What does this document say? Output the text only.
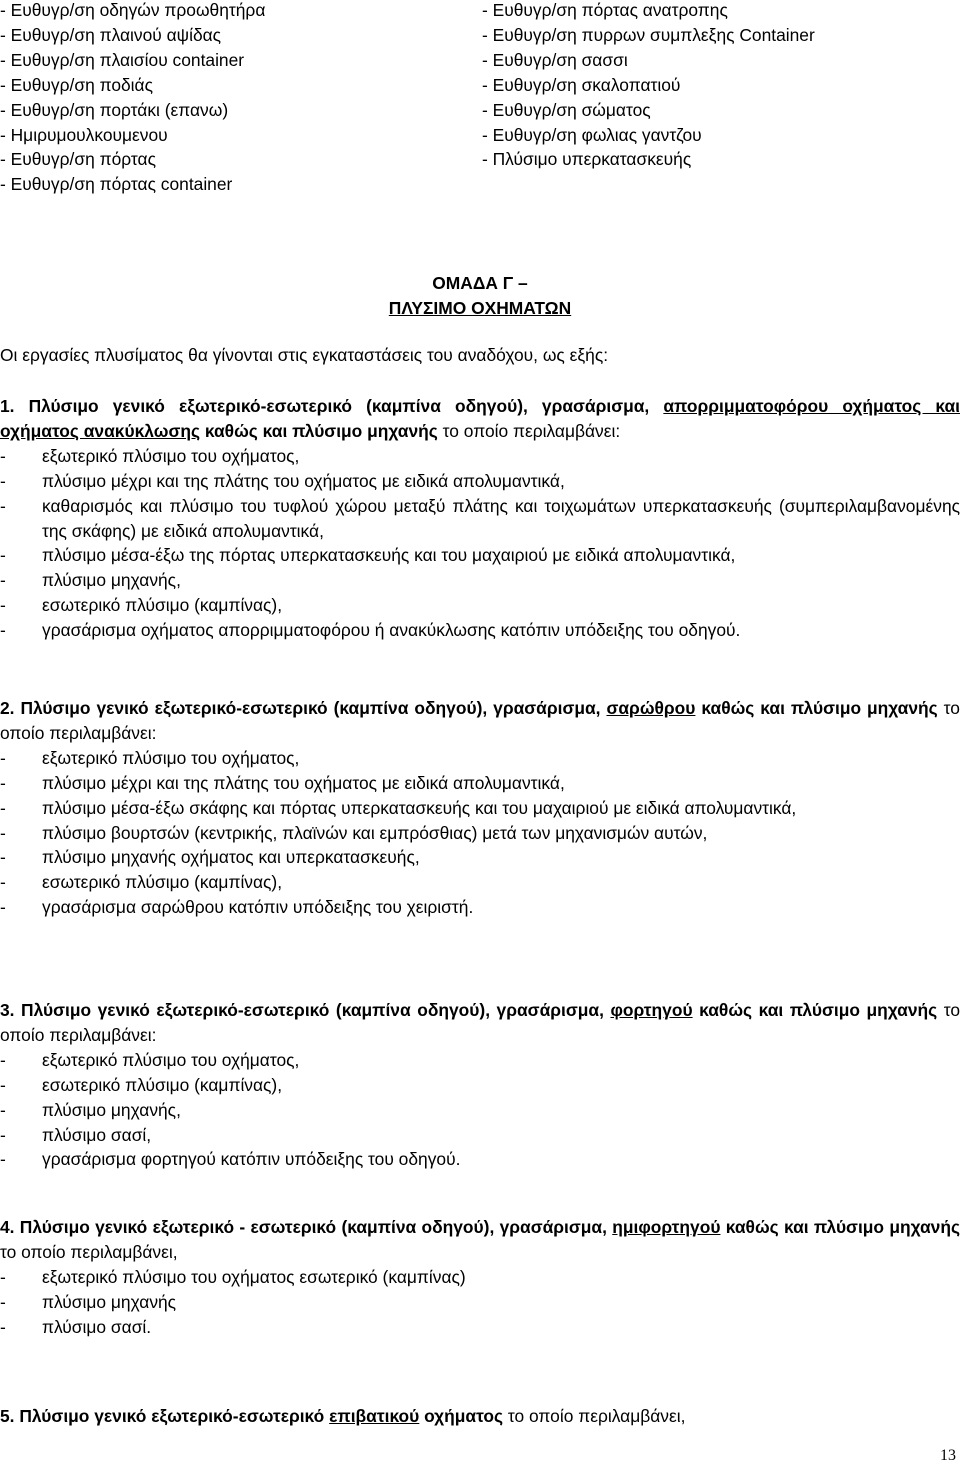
- Ευθυγρ/ση οδηγών προωθητήρα
- Ευθυγρ/ση πλαινού αψίδας
- Ευθυγρ/ση πλαισίου container
- Ευθυγρ/ση ποδιάς
- Ευθυγρ/ση πορτάκι (επανω)
- Ημιρυμουλκουμενου
- Ευθυγρ/ση πόρτας
- Ευθυγρ/ση πόρτας container
- Ευθυγρ/ση πόρτας ανατροπης
- Ευθυγρ/ση πυρρων συμπλεξης Container
- Ευθυγρ/ση σασσι
- Ευθυγρ/ση σκαλοπατιού
- Ευθυγρ/ση σώματος
- Ευθυγρ/ση φωλιας γαντζου
- Πλύσιμο υπερκατασκευής
ΟΜΑΔΑ Γ –
ΠΛΥΣΙΜΟ ΟΧΗΜΑΤΩΝ
Οι εργασίες πλυσίματος θα γίνονται στις εγκαταστάσεις του αναδόχου, ως εξής:
1. Πλύσιμο γενικό εξωτερικό-εσωτερικό (καμπίνα οδηγού), γρασάρισμα, απορριμματοφόρου οχήματος και οχήματος ανακύκλωσης καθώς και πλύσιμο μηχανής το οποίο περιλαμβάνει:
- εξωτερικό πλύσιμο του οχήματος,
- πλύσιμο μέχρι και της πλάτης του οχήματος με ειδικά απολυμαντικά,
- καθαρισμός και πλύσιμο του τυφλού χώρου μεταξύ πλάτης και τοιχωμάτων υπερκατασκευής (συμπεριλαμβανομένης της σκάφης) με ειδικά απολυμαντικά,
- πλύσιμο μέσα-έξω της πόρτας υπερκατασκευής και του μαχαιριού με ειδικά απολυμαντικά,
- πλύσιμο μηχανής,
- εσωτερικό πλύσιμο (καμπίνας),
- γρασάρισμα οχήματος απορριμματοφόρου ή ανακύκλωσης κατόπιν υπόδειξης του οδηγού.
2. Πλύσιμο γενικό εξωτερικό-εσωτερικό (καμπίνα οδηγού), γρασάρισμα, σαρώθρου καθώς και πλύσιμο μηχανής το οποίο περιλαμβάνει:
- εξωτερικό πλύσιμο του οχήματος,
- πλύσιμο μέχρι και της πλάτης του οχήματος με ειδικά απολυμαντικά,
- πλύσιμο μέσα-έξω σκάφης και πόρτας υπερκατασκευής και του μαχαιριού με ειδικά απολυμαντικά,
- πλύσιμο βουρτσών (κεντρικής, πλαϊνών και εμπρόσθιας) μετά των μηχανισμών αυτών,
- πλύσιμο μηχανής οχήματος και υπερκατασκευής,
- εσωτερικό πλύσιμο (καμπίνας),
- γρασάρισμα σαρώθρου κατόπιν υπόδειξης του χειριστή.
3. Πλύσιμο γενικό εξωτερικό-εσωτερικό (καμπίνα οδηγού), γρασάρισμα, φορτηγού καθώς και πλύσιμο μηχανής το οποίο περιλαμβάνει:
- εξωτερικό πλύσιμο του οχήματος,
- εσωτερικό πλύσιμο (καμπίνας),
- πλύσιμο μηχανής,
- πλύσιμο σασί,
- γρασάρισμα φορτηγού κατόπιν υπόδειξης του οδηγού.
4. Πλύσιμο γενικό εξωτερικό - εσωτερικό (καμπίνα οδηγού), γρασάρισμα, ημιφορτηγού καθώς και πλύσιμο μηχανής το οποίο περιλαμβάνει,
- εξωτερικό πλύσιμο του οχήματος εσωτερικό (καμπίνας)
- πλύσιμο μηχανής
- πλύσιμο σασί.
5. Πλύσιμο γενικό εξωτερικό-εσωτερικό επιβατικού οχήματος το οποίο περιλαμβάνει,
13
